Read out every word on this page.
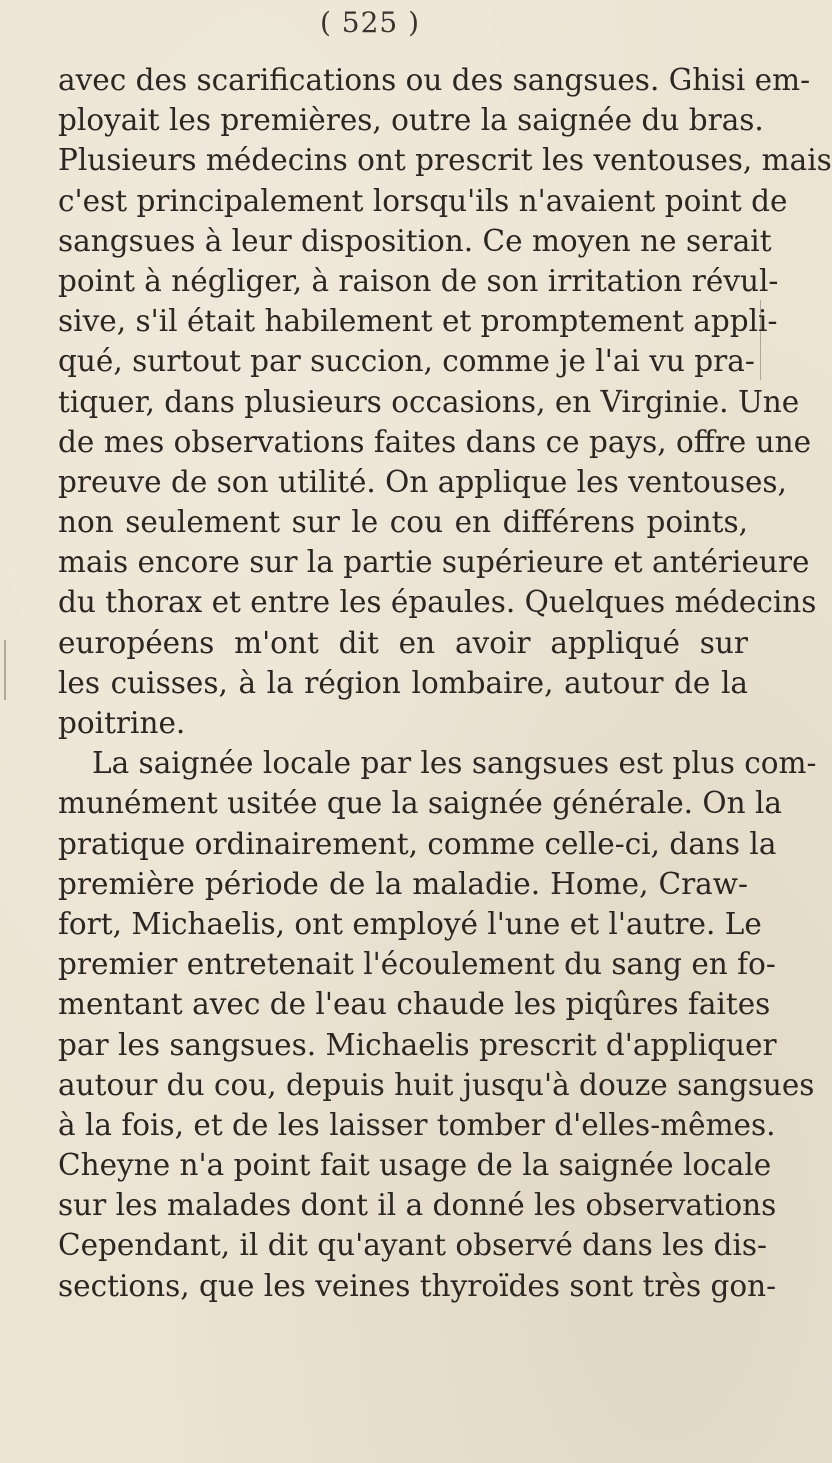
( 525 )
avec des scarifications ou des sangsues. Ghisi em-
ployait les premières, outre la saignée du bras.
Plusieurs médecins ont prescrit les ventouses, mais
c'est principalement lorsqu'ils n'avaient point de
sangsues à leur disposition. Ce moyen ne serait
point à négliger, à raison de son irritation révul-
sive, s'il était habilement et promptement appli-
qué, surtout par succion, comme je l'ai vu pra-
tiquer, dans plusieurs occasions, en Virginie. Une
de mes observations faites dans ce pays, offre une
preuve de son utilité. On applique les ventouses,
non seulement sur le cou en différens points,
mais encore sur la partie supérieure et antérieure
du thorax et entre les épaules. Quelques médecins
européens m'ont dit en avoir appliqué sur
les cuisses, à la région lombaire, autour de la
poitrine.
La saignée locale par les sangsues est plus com-
munément usitée que la saignée générale. On la
pratique ordinairement, comme celle-ci, dans la
première période de la maladie. Home, Craw-
fort, Michaelis, ont employé l'une et l'autre. Le
premier entretenait l'écoulement du sang en fo-
mentant avec de l'eau chaude les piqûres faites
par les sangsues. Michaelis prescrit d'appliquer
autour du cou, depuis huit jusqu'à douze sangsues
à la fois, et de les laisser tomber d'elles-mêmes.
Cheyne n'a point fait usage de la saignée locale
sur les malades dont il a donné les observations
Cependant, il dit qu'ayant observé dans les dis-
sections, que les veines thyroïdes sont très gon-
